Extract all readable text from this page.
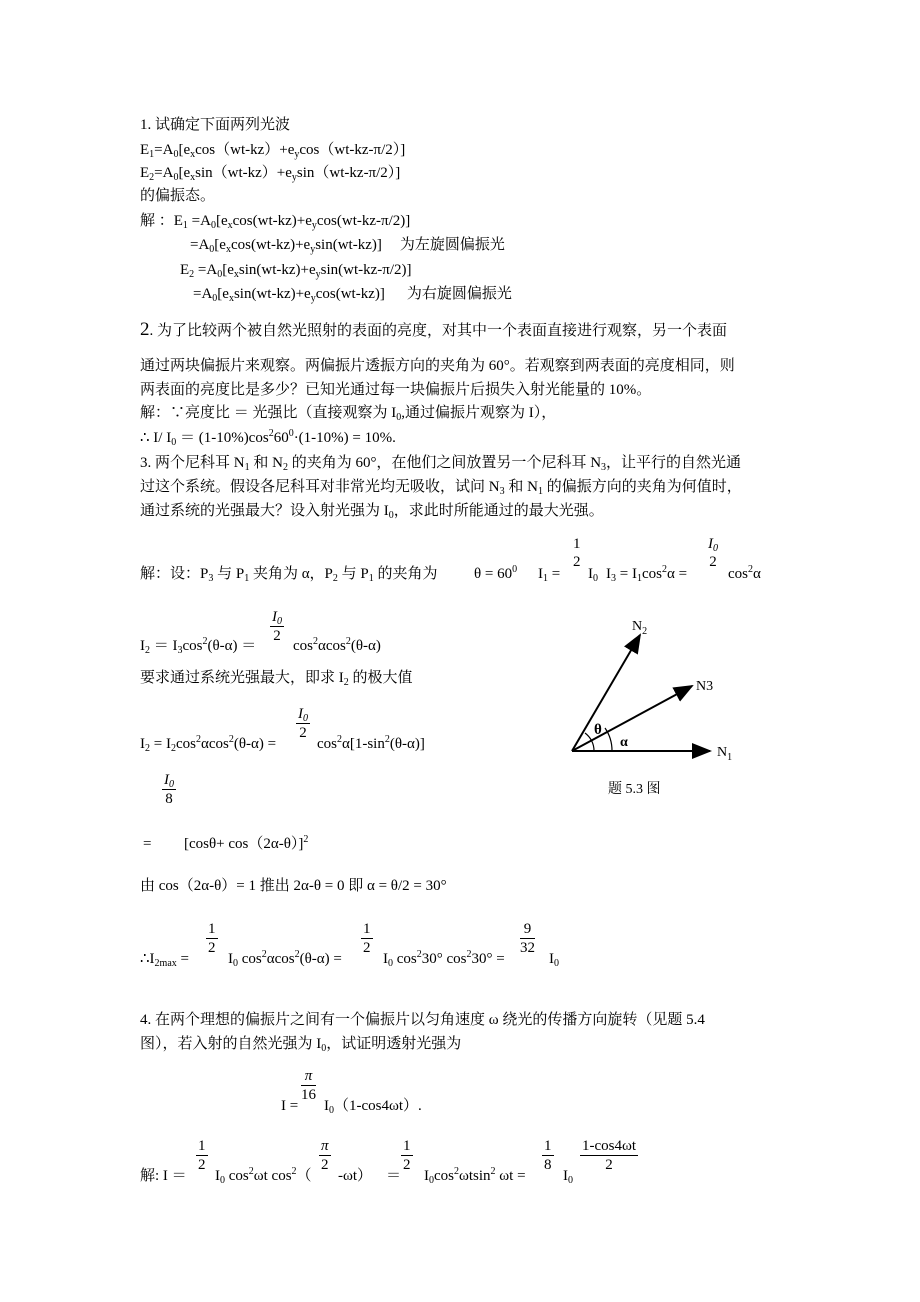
1. 试确定下面两列光波
$E_1=A_0[e_x\cos(wt-kz)+e_y\cos(wt-kz-\pi/2)]$
$E_2=A_0[e_x\sin(wt-kz)+e_y\sin(wt-kz-\pi/2)]$
的偏振态。
解 ：$E_1 =A_0[e_x\cos(wt-kz)+e_y\cos(wt-kz-\pi/2)]$
$=A_0[e_x\cos(wt-kz)+e_y\sin(wt-kz)]$ 为左旋圆偏振光
$E_2 =A_0[e_x\sin(wt-kz)+e_y\sin(wt-kz-\pi/2)]$
$=A_0[e_x\sin(wt-kz)+e_y\cos(wt-kz)]$ 为右旋圆偏振光
2. 为了比较两个被自然光照射的表面的亮度，对其中一个表面直接进行观察，另一个表面
通过两块偏振片来观察。两偏振片透振方向的夹角为 60°。若观察到两表面的亮度相同，则
两表面的亮度比是多少？已知光通过每一块偏振片后损失入射光能量的 10%。
解：∵亮度比 ＝ 光强比（直接观察为 $I_0$,通过偏振片观察为 I），
∴ I/ $I_0 = (1-10\%)\cos^260^0\cdot(1-10\%) = 10\%$.
3. 两个尼科耳 $N_1$ 和 $N_2$ 的夹角为 60°，在他们之间放置另一个尼科耳 $N_3$，让平行的自然光通
过这个系统。假设各尼科耳对非常光均无吸收，试问 $N_3$ 和 $N_1$ 的偏振方向的夹角为何值时，
通过系统的光强最大？设入射光强为 $I_0$，求此时所能通过的最大光强。
解：设：$P_3$ 与 $P_1$ 夹角为 α，$P_2$ 与 $P_1$ 的夹角为 $\theta = 60^0$ $I_1$ =
1
2
$I_0$ $I_3 = I_1\cos^2\alpha$ =
$I_0$
2
$\cos^2\alpha$
$I_2 = I_3\cos^2(\theta-\alpha)$ ＝
$I_0$
2
$\cos^2\alpha\cos^2(\theta-\alpha)$
要求通过系统光强最大，即求 $I_2$ 的极大值
$I_2 = I_2\cos^2\alpha\cos^2(\theta-\alpha)$ =
$I_0$
2
$\cos^2\alpha[1-\sin^2(\theta-\alpha)]$
$I_0$
8
= $[\cos\theta+ \cos(2\alpha-\theta)]^2$
由 cos（2α-θ）= 1 推出 2α-θ = 0 即 α = θ/2 = 30°
$\therefore I_{2max}$ =
1
2
$I_0$ $\cos^2\alpha\cos^2(\theta-\alpha)$ =
1
2
$I_0$ $\cos^230^\circ$ $\cos^230^\circ$ =
9
32
$I_0$
$N_2$
N3
$N_1$
θ
α
题 5.3 图
4. 在两个理想的偏振片之间有一个偏振片以匀角速度 ω 绕光的传播方向旋转（见题 5.4
图），若入射的自然光强为 $I_0$，试证明透射光强为
I =
π
16
$I_0(1-\cos 4\omega t)$.
解: I ＝
1
2
$I_0$ $\cos^2\omega t$ $\cos^2$（
π
2
-ωt） ＝
1
2
$I_0\cos^2\omega tsin^2$ ωt =
1
8
$I_0$
1-cos4ωt
2
